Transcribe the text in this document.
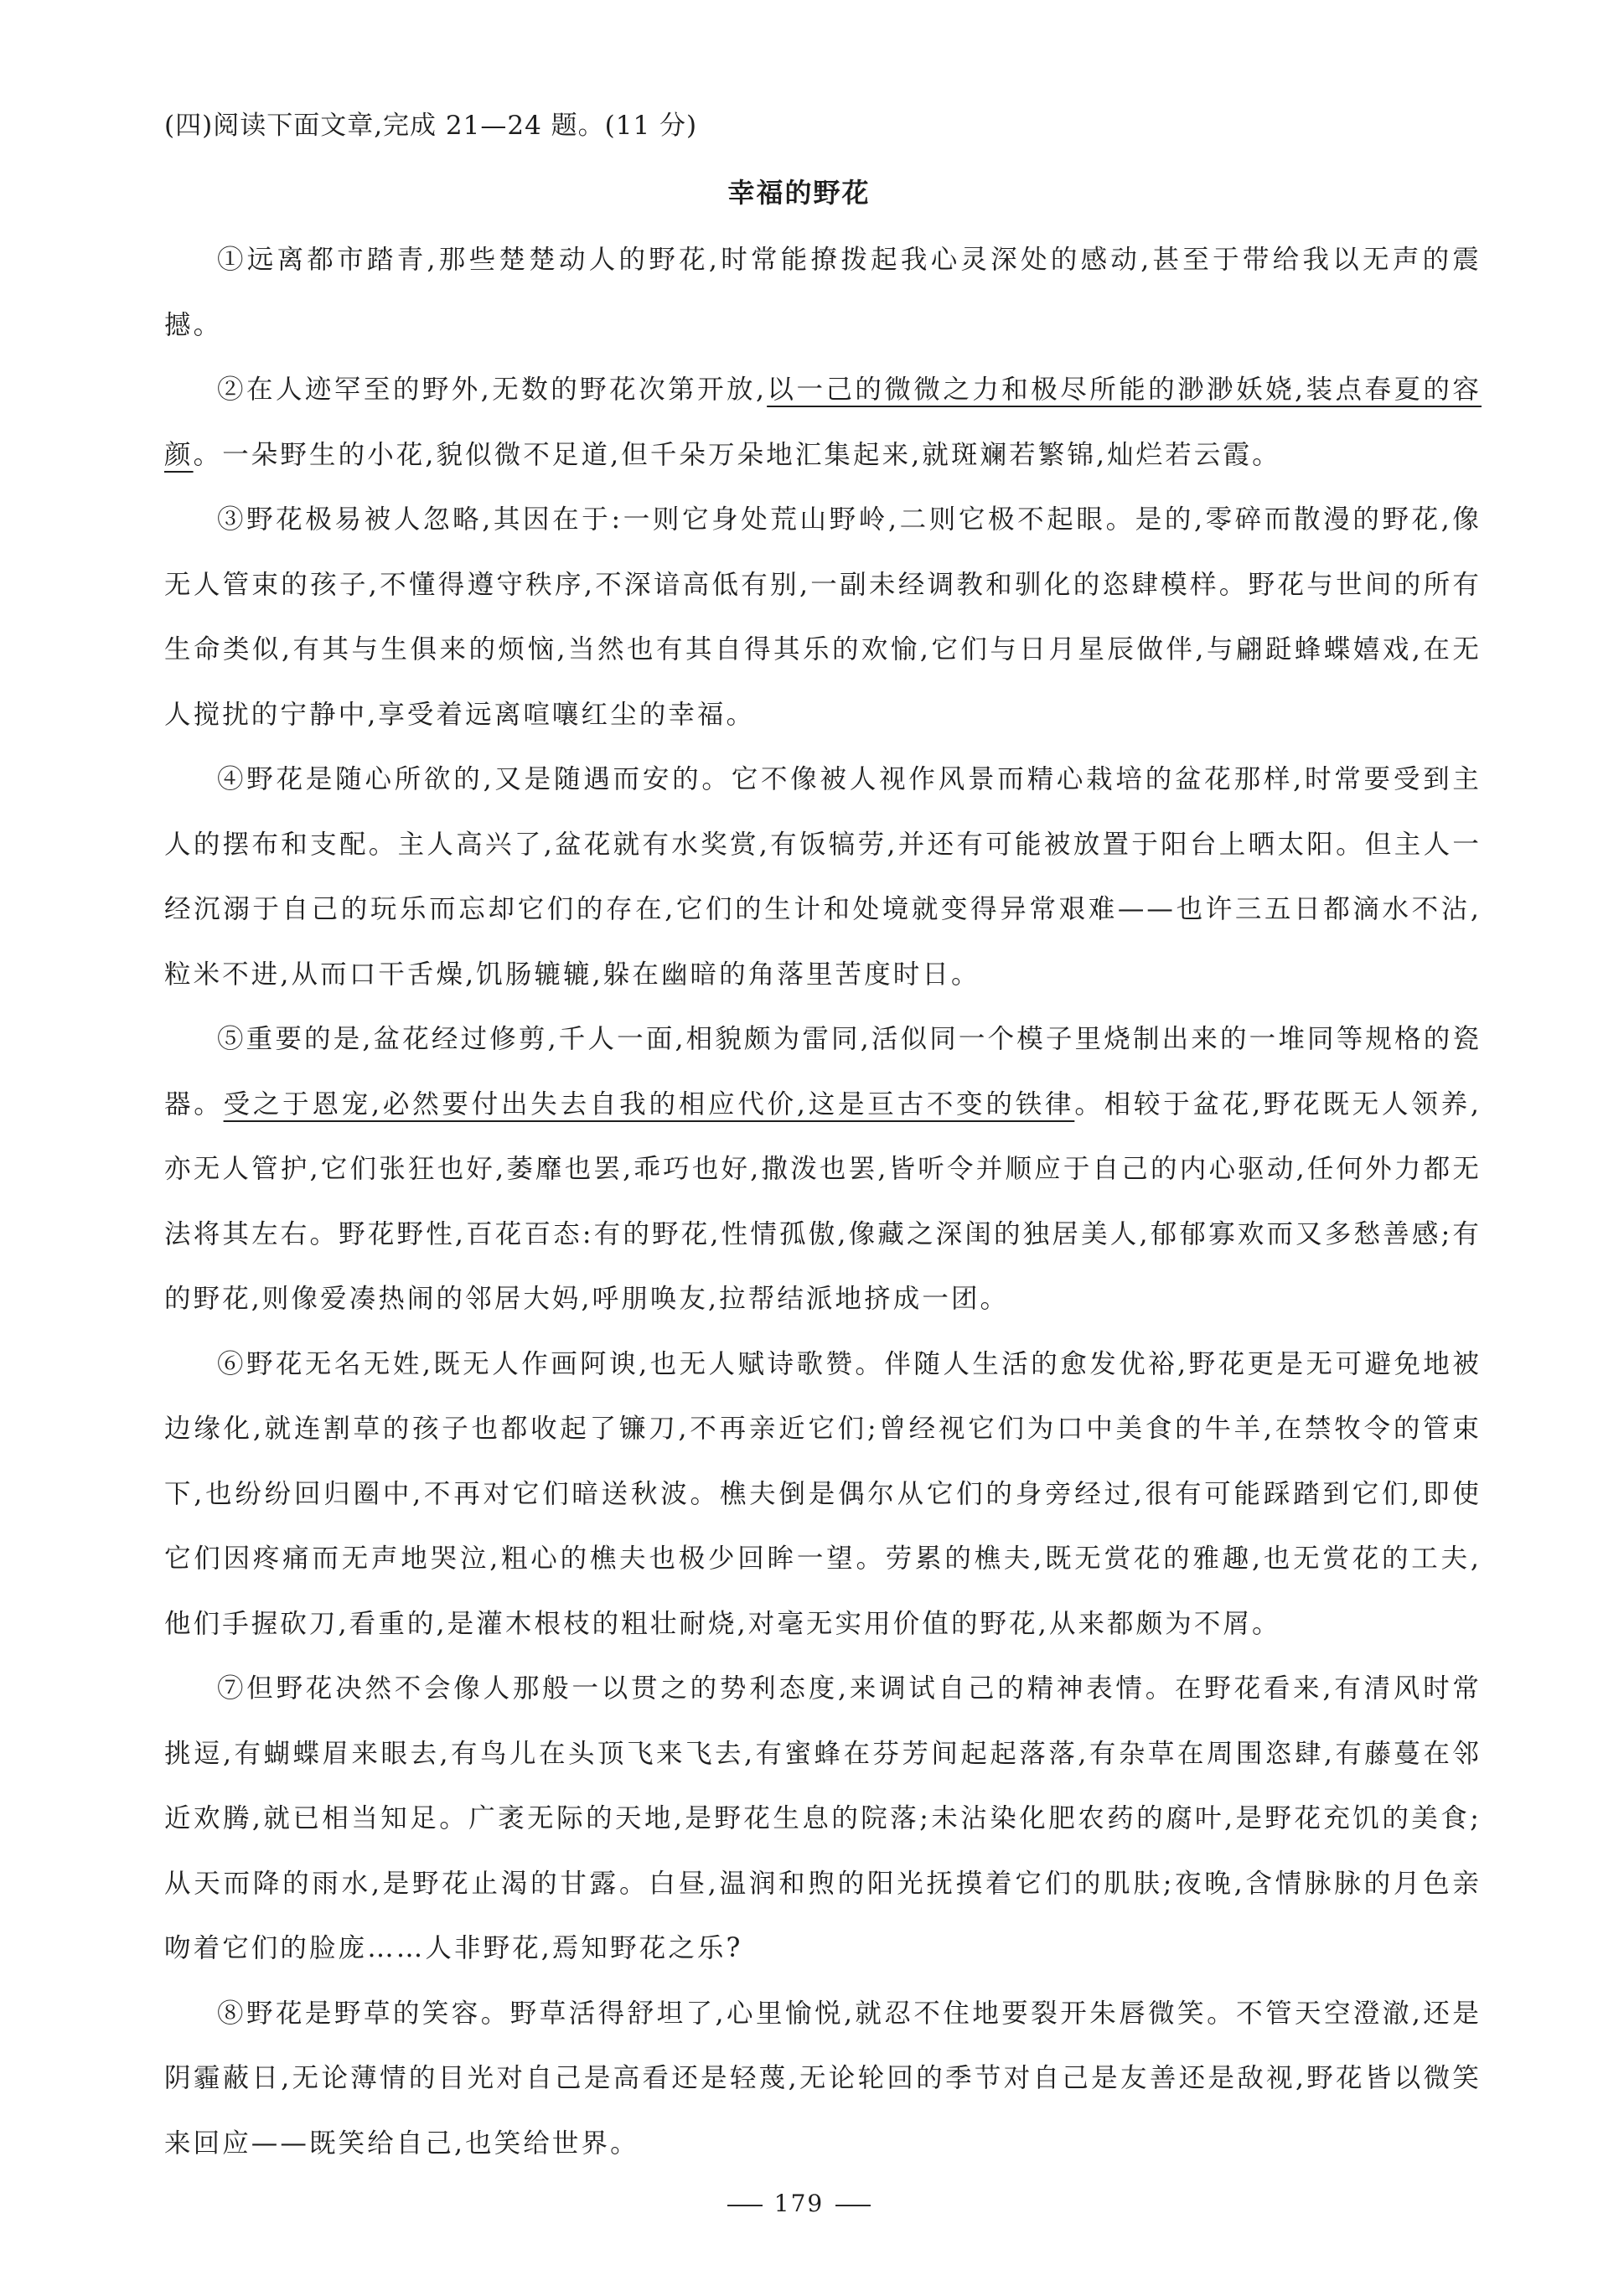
(四)阅读下面文章,完成 21—24 题。(11 分)
幸福的野花

①远离都市踏青,那些楚楚动人的野花,时常能撩拨起我心灵深处的感动,甚至于带给我以无声的震撼。

②在人迹罕至的野外,无数的野花次第开放,以一己的微微之力和极尽所能的渺渺妖娆,装点春夏的容颜。一朵野生的小花,貌似微不足道,但千朵万朵地汇集起来,就斑斓若繁锦,灿烂若云霞。

③野花极易被人忽略,其因在于:一则它身处荒山野岭,二则它极不起眼。是的,零碎而散漫的野花,像无人管束的孩子,不懂得遵守秩序,不深谙高低有别,一副未经调教和驯化的恣肆模样。野花与世间的所有生命类似,有其与生俱来的烦恼,当然也有其自得其乐的欢愉,它们与日月星辰做伴,与翩跹蜂蝶嬉戏,在无人搅扰的宁静中,享受着远离喧嚷红尘的幸福。

④野花是随心所欲的,又是随遇而安的。它不像被人视作风景而精心栽培的盆花那样,时常要受到主人的摆布和支配。主人高兴了,盆花就有水奖赏,有饭犒劳,并还有可能被放置于阳台上晒太阳。但主人一经沉溺于自己的玩乐而忘却它们的存在,它们的生计和处境就变得异常艰难——也许三五日都滴水不沾,粒米不进,从而口干舌燥,饥肠辘辘,躲在幽暗的角落里苦度时日。

⑤重要的是,盆花经过修剪,千人一面,相貌颇为雷同,活似同一个模子里烧制出来的一堆同等规格的瓷器。受之于恩宠,必然要付出失去自我的相应代价,这是亘古不变的铁律。相较于盆花,野花既无人领养,亦无人管护,它们张狂也好,萎靡也罢,乖巧也好,撒泼也罢,皆听令并顺应于自己的内心驱动,任何外力都无法将其左右。野花野性,百花百态:有的野花,性情孤傲,像藏之深闺的独居美人,郁郁寡欢而又多愁善感;有的野花,则像爱凑热闹的邻居大妈,呼朋唤友,拉帮结派地挤成一团。

⑥野花无名无姓,既无人作画阿谀,也无人赋诗歌赞。伴随人生活的愈发优裕,野花更是无可避免地被边缘化,就连割草的孩子也都收起了镰刀,不再亲近它们;曾经视它们为口中美食的牛羊,在禁牧令的管束下,也纷纷回归圈中,不再对它们暗送秋波。樵夫倒是偶尔从它们的身旁经过,很有可能踩踏到它们,即使它们因疼痛而无声地哭泣,粗心的樵夫也极少回眸一望。劳累的樵夫,既无赏花的雅趣,也无赏花的工夫,他们手握砍刀,看重的,是灌木根枝的粗壮耐烧,对毫无实用价值的野花,从来都颇为不屑。

⑦但野花决然不会像人那般一以贯之的势利态度,来调试自己的精神表情。在野花看来,有清风时常挑逗,有蝴蝶眉来眼去,有鸟儿在头顶飞来飞去,有蜜蜂在芬芳间起起落落,有杂草在周围恣肆,有藤蔓在邻近欢腾,就已相当知足。广袤无际的天地,是野花生息的院落;未沾染化肥农药的腐叶,是野花充饥的美食;从天而降的雨水,是野花止渴的甘露。白昼,温润和煦的阳光抚摸着它们的肌肤;夜晚,含情脉脉的月色亲吻着它们的脸庞……人非野花,焉知野花之乐?

⑧野花是野草的笑容。野草活得舒坦了,心里愉悦,就忍不住地要裂开朱唇微笑。不管天空澄澈,还是阴霾蔽日,无论薄情的目光对自己是高看还是轻蔑,无论轮回的季节对自己是友善还是敌视,野花皆以微笑来回应——既笑给自己,也笑给世界。

179
